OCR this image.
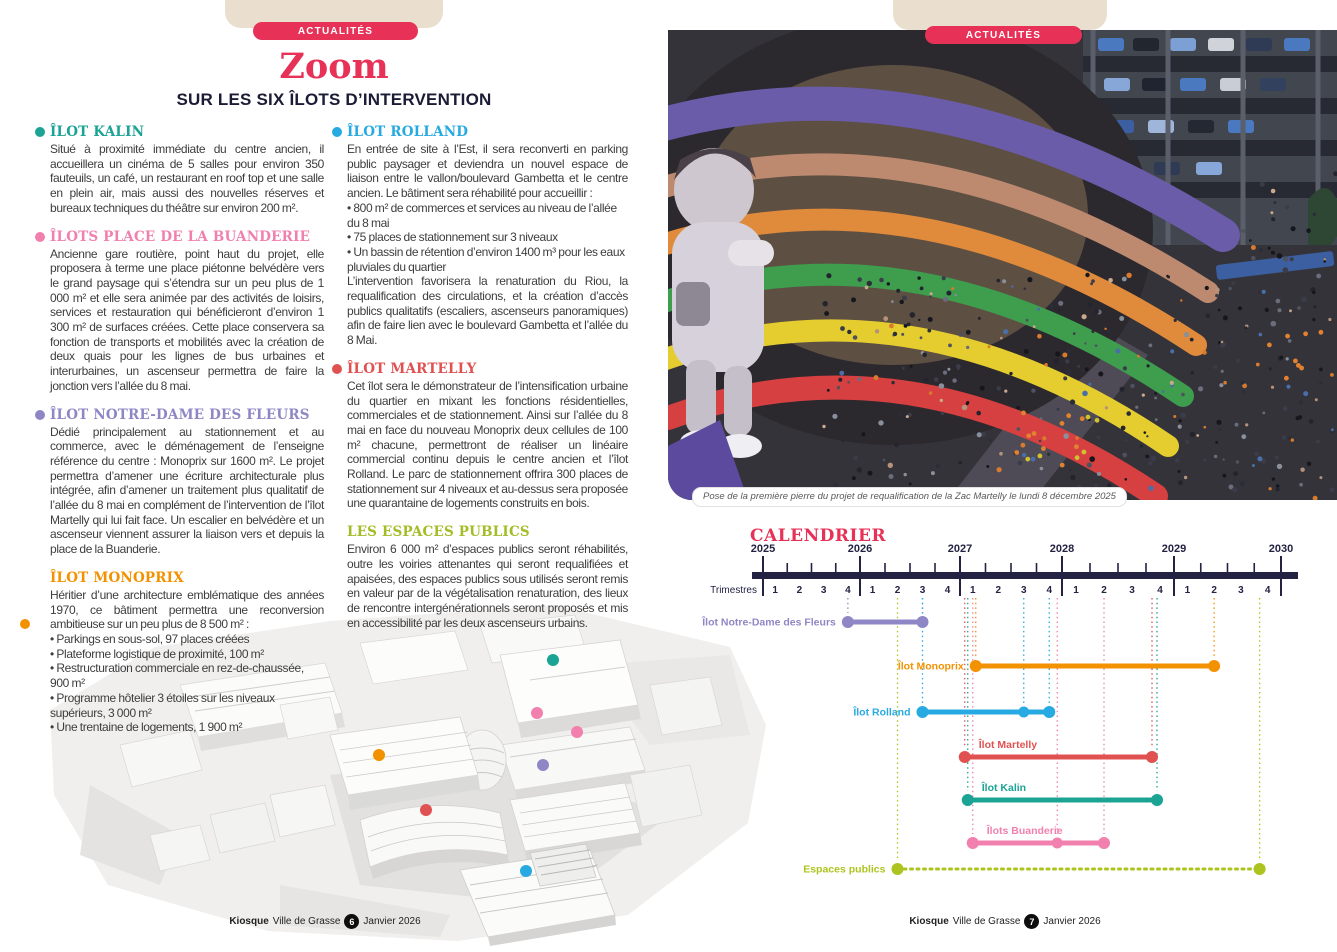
ACTUALITÉS
Zoom
SUR LES SIX ÎLOTS D’INTERVENTION
ÎLOT KALIN

Situé à proximité immédiate du centre ancien, il accueillera un cinéma de 5 salles pour environ 350 fauteuils, un café, un restaurant en roof top et une salle en plein air, mais aussi des nouvelles réserves et bureaux techniques du théâtre sur environ 200 m².

ÎLOTS PLACE DE LA BUANDERIE

Ancienne gare routière, point haut du projet, elle proposera à terme une place piétonne belvédère vers le grand paysage qui s’étendra sur un peu plus de 1 000 m² et elle sera animée par des activités de loisirs, services et restauration qui bénéficieront d’environ 1 300 m² de surfaces créées. Cette place conservera sa fonction de transports et mobilités avec la création de deux quais pour les lignes de bus urbaines et interurbaines, un ascenseur permettra de faire la jonction vers l’allée du 8 mai.

ÎLOT NOTRE-DAME DES FLEURS

Dédié principalement au stationnement et au commerce, avec le déménagement de l’enseigne référence du centre : Monoprix sur 1600 m². Le projet permettra d’amener une écriture architecturale plus intégrée, afin d’amener un traitement plus qualitatif de l’allée du 8 mai en complément de l’intervention de l’îlot Martelly qui lui fait face. Un escalier en belvédère et un ascenseur viennent assurer la liaison vers et depuis la place de la Buanderie.

ÎLOT MONOPRIX

Héritier d’une architecture emblématique des années 1970, ce bâtiment permettra une reconversion ambitieuse sur un peu plus de 8 500 m² :

• Parkings en sous-sol, 97 places créées

• Plateforme logistique de proximité, 100 m²

• Restructuration commerciale en rez-de-chaussée, 900 m²

• Programme hôtelier 3 étoiles sur les niveaux supérieurs, 3 000 m²

• Une trentaine de logements, 1 900 m²

ÎLOT ROLLAND

En entrée de site à l’Est, il sera reconverti en parking public paysager et deviendra un nouvel espace de liaison entre le vallon/boulevard Gambetta et le centre ancien. Le bâtiment sera réhabilité pour accueillir :

• 800 m² de commerces et services au niveau de l’allée du 8 mai

• 75 places de stationnement sur 3 niveaux

• Un bassin de rétention d’environ 1400 m³ pour les eaux pluviales du quartier

L’intervention favorisera la renaturation du Riou, la requalification des circulations, et la création d’accès publics qualitatifs (escaliers, ascenseurs panoramiques) afin de faire lien avec le boulevard Gambetta et l’allée du 8 Mai.

ÎLOT MARTELLY

Cet îlot sera le démonstrateur de l’intensification urbaine du quartier en mixant les fonctions résidentielles, commerciales et de stationnement. Ainsi sur l’allée du 8 mai en face du nouveau Monoprix deux cellules de 100 m² chacune, permettront de réaliser un linéaire commercial continu depuis le centre ancien et l’îlot Rolland. Le parc de stationnement offrira 300 places de stationnement sur 4 niveaux et au-dessus sera proposée une quarantaine de logements construits en bois.

LES ESPACES PUBLICS

Environ 6 000 m² d’espaces publics seront réhabilités, outre les voiries attenantes qui seront requalifiées et apaisées, des espaces publics sous utilisés seront remis en valeur par de la végétalisation renaturation, des lieux de rencontre intergénérationnels seront proposés et mis en accessibilité par les deux ascenseurs urbains.

Kiosque Ville de Grasse 6 Janvier 2026
ACTUALITÉS
Pose de la première pierre du projet de requalification de la Zac Martelly le lundi 8 décembre 2025
CALENDRIER
2025	2026	2027	2028	2029	2030
Trimestres 1 2 3 4 1 2 3 4 1 2 3 4 1 2 3 4 1 2 3 4
Îlot Notre-Dame des Fleurs
Îlot Monoprix
Îlot Rolland
Îlot Martelly
Îlot Kalin
Îlots Buanderie
Espaces publics
Kiosque Ville de Grasse 7 Janvier 2026
